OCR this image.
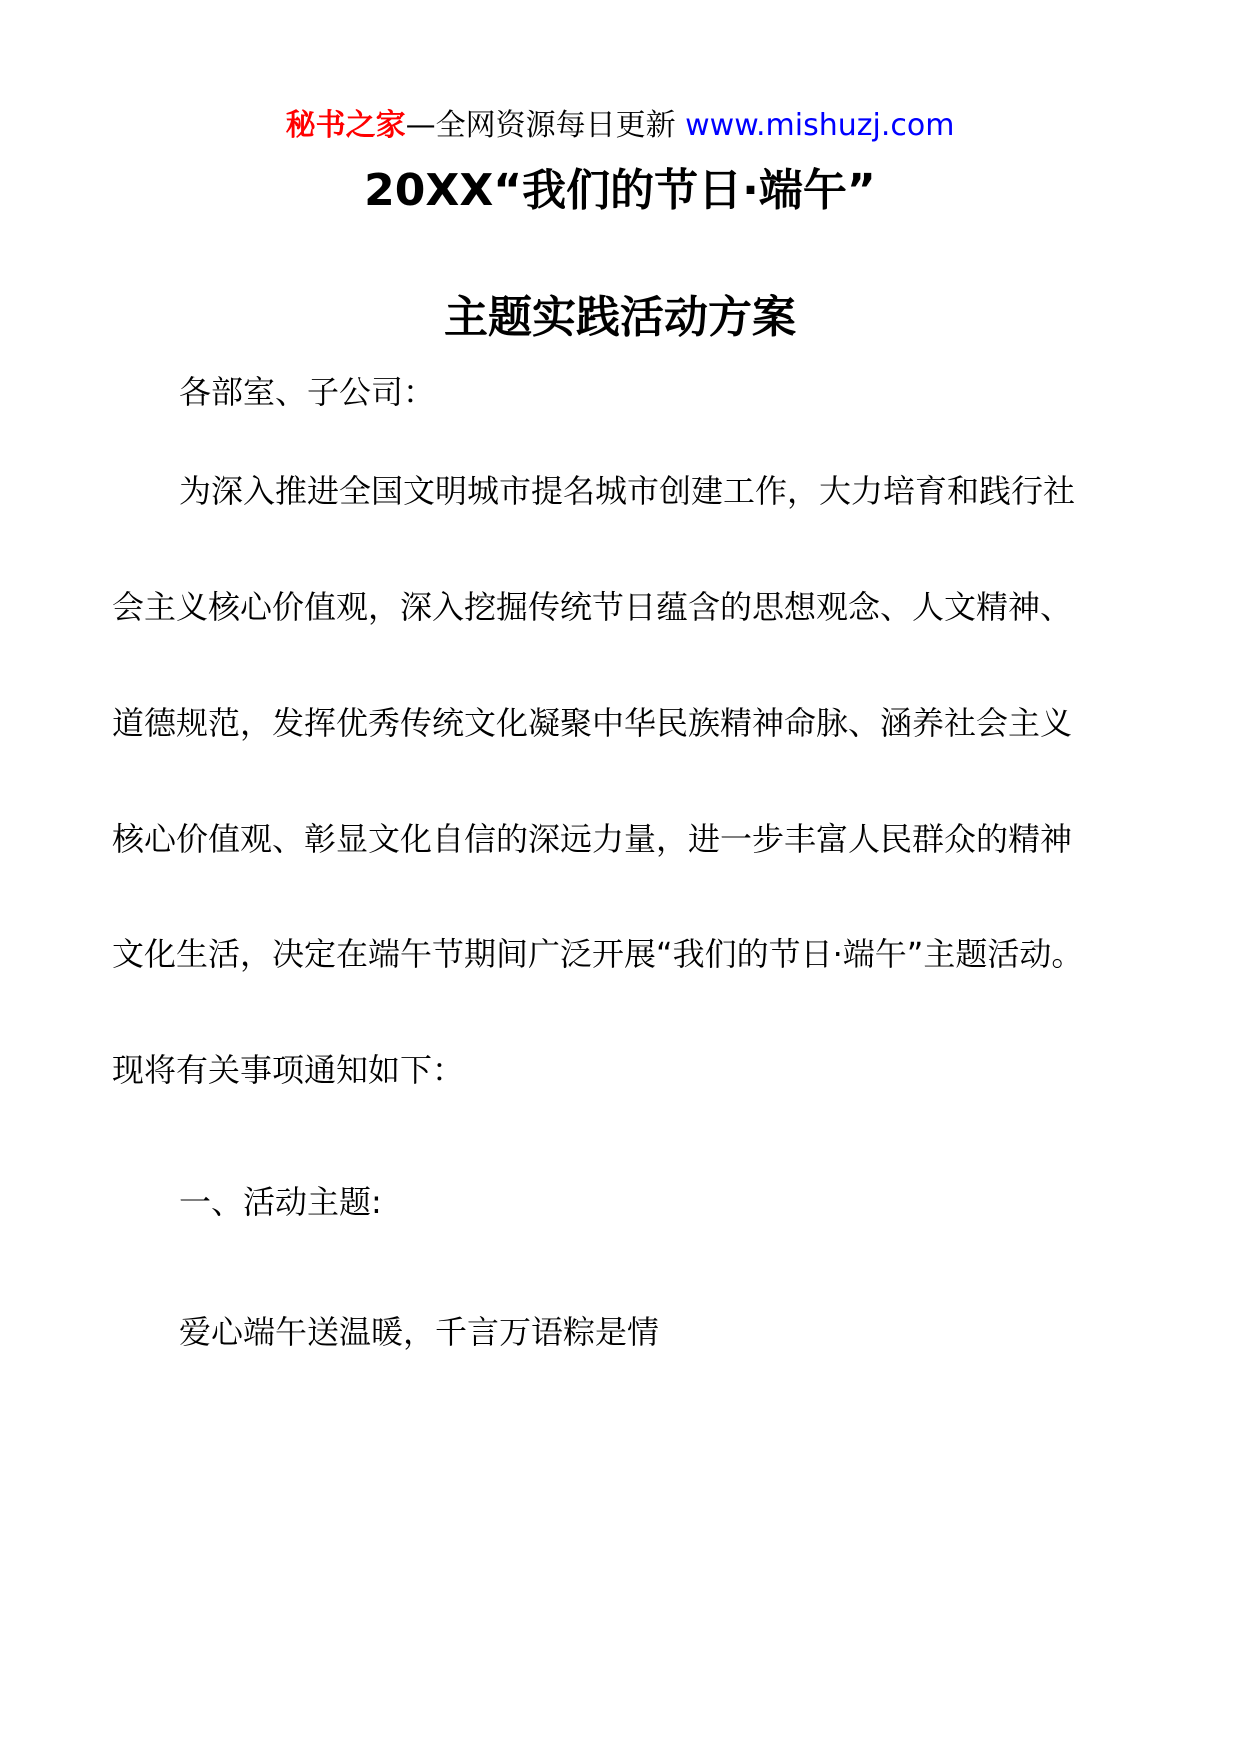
秘书之家—全网资源每日更新 www.mishuzj.com
20XX“我们的节日·端午”
主题实践活动方案
各部室、子公司：
为深入推进全国文明城市提名城市创建工作，大力培育和践行社
会主义核心价值观，深入挖掘传统节日蕴含的思想观念、人文精神、
道德规范，发挥优秀传统文化凝聚中华民族精神命脉、涵养社会主义
核心价值观、彰显文化自信的深远力量，进一步丰富人民群众的精神
文化生活，决定在端午节期间广泛开展“我们的节日·端午”主题活动。
现将有关事项通知如下：
一、活动主题:
爱心端午送温暖，千言万语粽是情
